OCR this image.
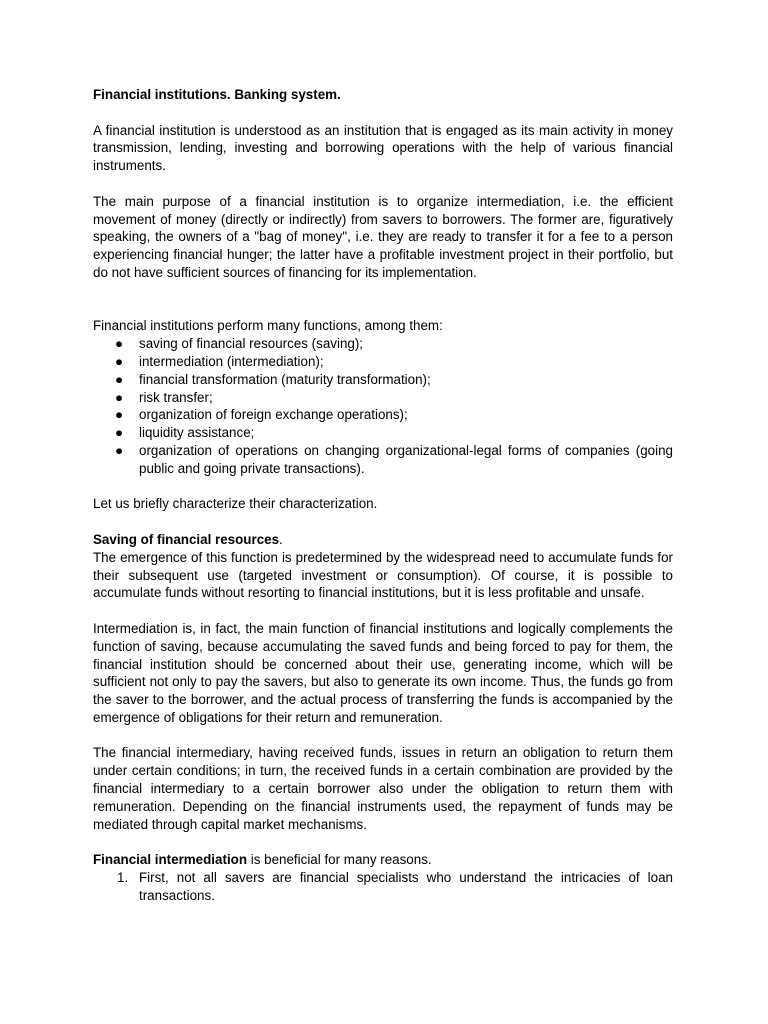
Financial institutions. Banking system.

A financial institution is understood as an institution that is engaged as its main activity in money transmission, lending, investing and borrowing operations with the help of various financial instruments.

The main purpose of a financial institution is to organize intermediation, i.e. the efficient movement of money (directly or indirectly) from savers to borrowers. The former are, figuratively speaking, the owners of a "bag of money", i.e. they are ready to transfer it for a fee to a person experiencing financial hunger; the latter have a profitable investment project in their portfolio, but do not have sufficient sources of financing for its implementation.

Financial institutions perform many functions, among them:
● saving of financial resources (saving);
● intermediation (intermediation);
● financial transformation (maturity transformation);
● risk transfer;
● organization of foreign exchange operations);
● liquidity assistance;
● organization of operations on changing organizational-legal forms of companies (going public and going private transactions).

Let us briefly characterize their characterization.

Saving of financial resources.

The emergence of this function is predetermined by the widespread need to accumulate funds for their subsequent use (targeted investment or consumption). Of course, it is possible to accumulate funds without resorting to financial institutions, but it is less profitable and unsafe.

Intermediation is, in fact, the main function of financial institutions and logically complements the function of saving, because accumulating the saved funds and being forced to pay for them, the financial institution should be concerned about their use, generating income, which will be sufficient not only to pay the savers, but also to generate its own income. Thus, the funds go from the saver to the borrower, and the actual process of transferring the funds is accompanied by the emergence of obligations for their return and remuneration.

The financial intermediary, having received funds, issues in return an obligation to return them under certain conditions; in turn, the received funds in a certain combination are provided by the financial intermediary to a certain borrower also under the obligation to return them with remuneration. Depending on the financial instruments used, the repayment of funds may be mediated through capital market mechanisms.

Financial intermediation is beneficial for many reasons.
1. First, not all savers are financial specialists who understand the intricacies of loan transactions.
